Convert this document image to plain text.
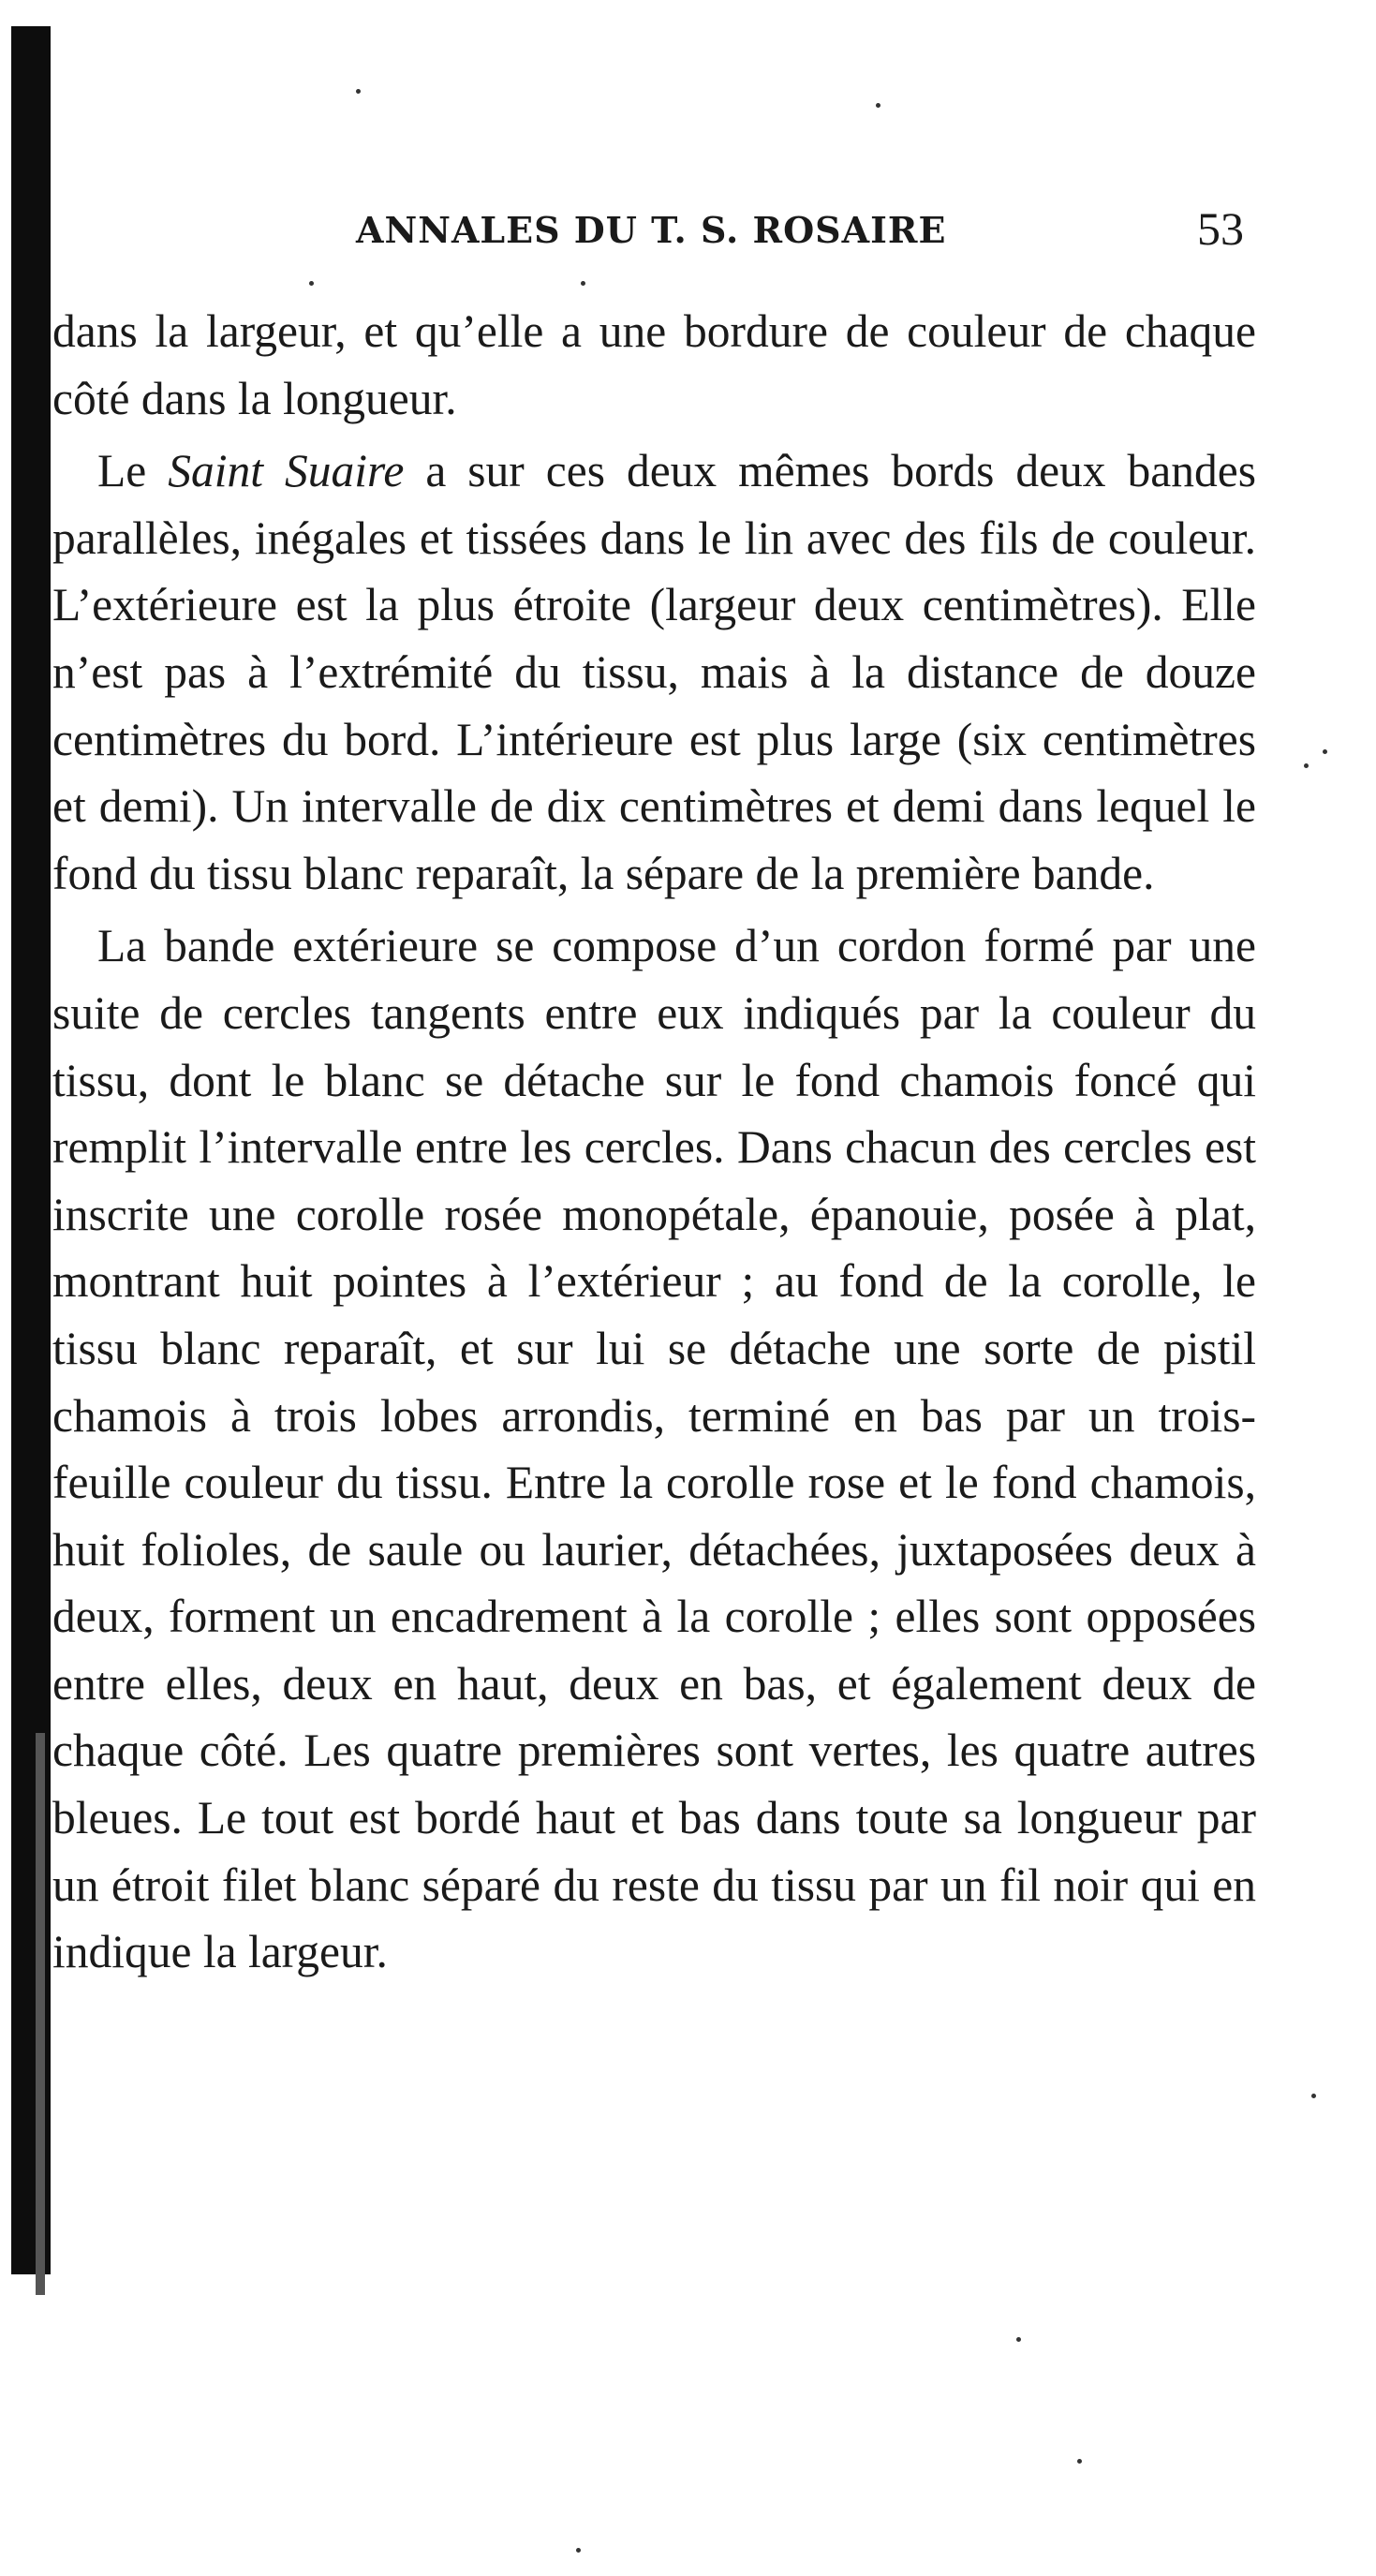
ANNALES DU T. S. ROSAIRE	53

dans la largeur, et qu’elle a une bordure de couleur de chaque côté dans la longueur.

Le Saint Suaire a sur ces deux mêmes bords deux bandes parallèles, inégales et tissées dans le lin avec des fils de couleur. L’extérieure est la plus étroite (largeur deux centimètres). Elle n’est pas à l’extrémité du tissu, mais à la distance de douze centimètres du bord. L’intérieure est plus large (six centimètres et demi). Un intervalle de dix centimètres et demi dans lequel le fond du tissu blanc reparaît, la sépare de la première bande.

La bande extérieure se compose d’un cordon formé par une suite de cercles tangents entre eux indiqués par la couleur du tissu, dont le blanc se détache sur le fond chamois foncé qui remplit l’intervalle entre les cercles. Dans chacun des cercles est inscrite une corolle rosée monopétale, épanouie, posée à plat, montrant huit pointes à l’extérieur ; au fond de la corolle, le tissu blanc reparaît, et sur lui se détache une sorte de pistil chamois à trois lobes arrondis, terminé en bas par un trois-feuille couleur du tissu. Entre la corolle rose et le fond chamois, huit folioles, de saule ou laurier, détachées, juxtaposées deux à deux, forment un encadrement à la corolle ; elles sont opposées entre elles, deux en haut, deux en bas, et également deux de chaque côté. Les quatre premières sont vertes, les quatre autres bleues. Le tout est bordé haut et bas dans toute sa longueur par un étroit filet blanc séparé du reste du tissu par un fil noir qui en indique la largeur.
